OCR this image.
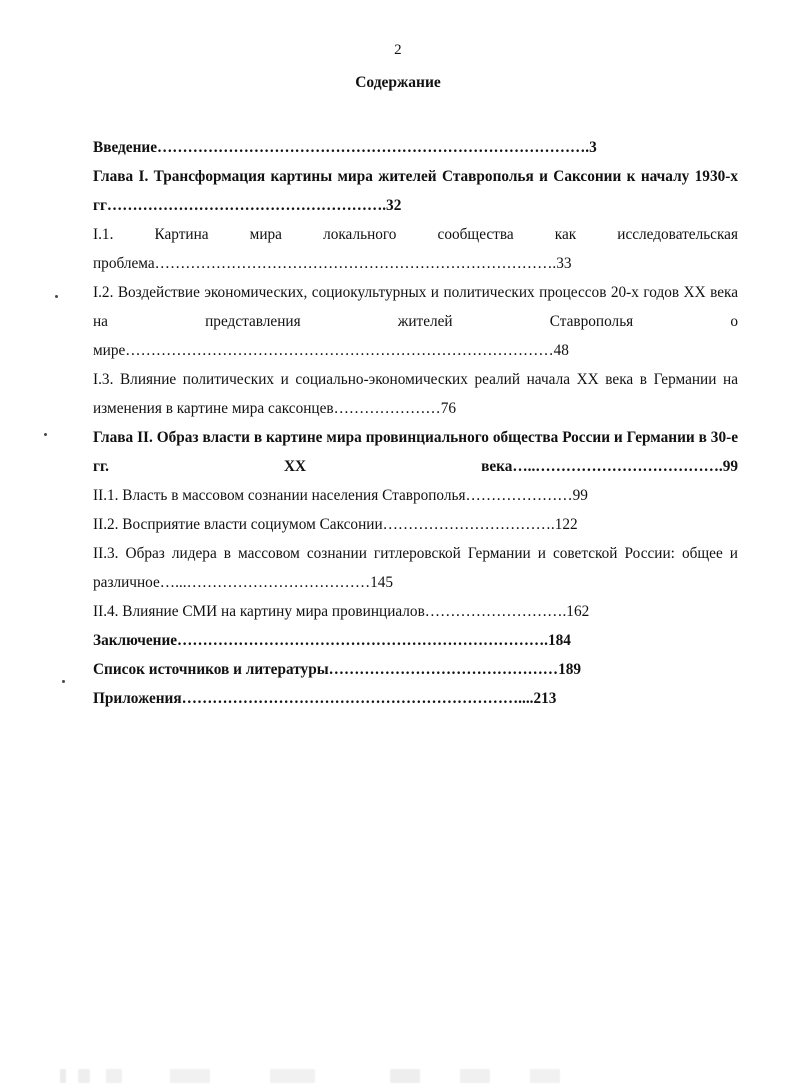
2
Содержание
Введение………………………………………………………………………….3
Глава I. Трансформация картины мира жителей Ставрополья и Саксонии к началу 1930-х гг……………………………………………….32
I.1. Картина мира локального сообщества как исследовательская проблема…………………………………………………………………….33
I.2. Воздействие экономических, социокультурных и политических процессов 20-х годов XX века на представления жителей Ставрополья о мире…………………………………………………………………………48
I.3. Влияние политических и социально-экономических реалий начала XX века в Германии на изменения в картине мира саксонцев…………………76
Глава II. Образ власти в картине мира провинциального общества России и Германии в 30-е гг. XX века…..……………………………….99
II.1. Власть в массовом сознании населения Ставрополья…………………99
II.2. Восприятие власти социумом Саксонии…………………………….122
II.3. Образ лидера в массовом сознании гитлеровской Германии и советской России: общее и различное…...………………………………145
II.4. Влияние СМИ на картину мира провинциалов……………………….162
Заключение……………………………………………………………….184
Список источников и литературы………………………………………189
Приложения…………………………………………………………....213
